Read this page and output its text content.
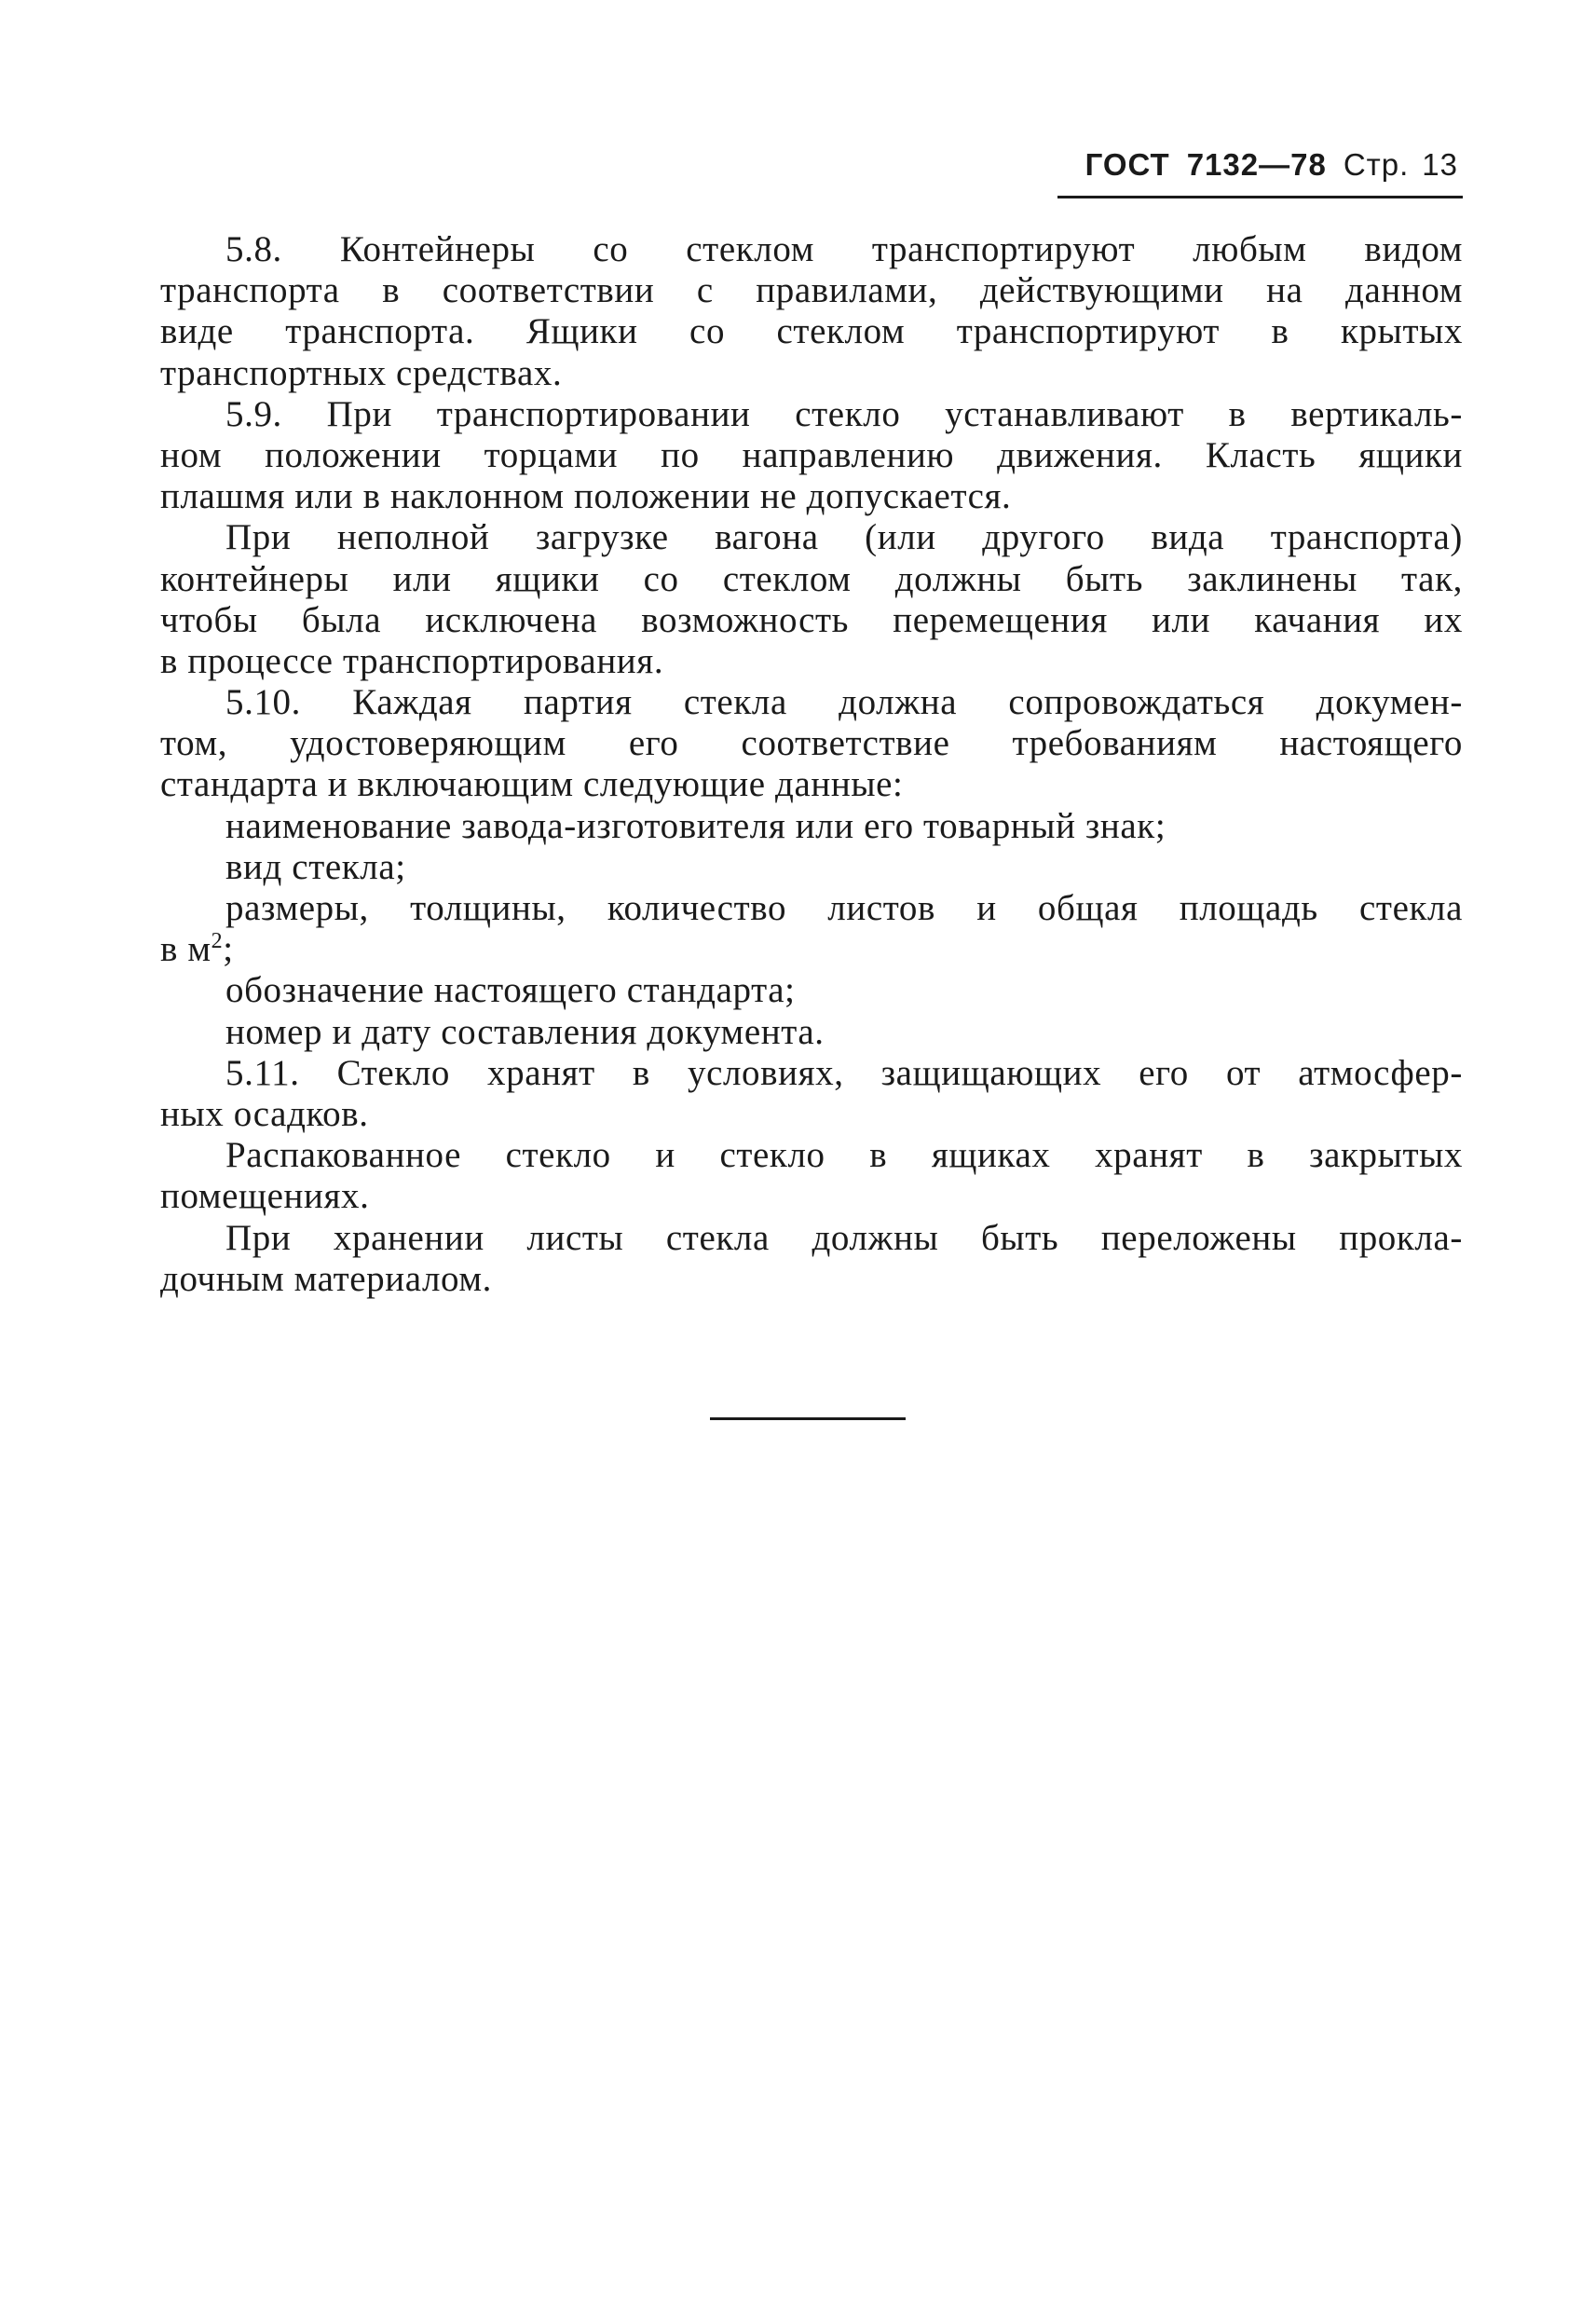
ГОСТ 7132—78 Стр. 13
5.8. Контейнеры со стеклом транспортируют любым видом
транспорта в соответствии с правилами, действующими на данном
виде транспорта. Ящики со стеклом транспортируют в крытых
транспортных средствах.
5.9. При транспортировании стекло устанавливают в вертикаль-
ном положении торцами по направлению движения. Класть ящики
плашмя или в наклонном положении не допускается.
При неполной загрузке вагона (или другого вида транспорта)
контейнеры или ящики со стеклом должны быть заклинены так,
чтобы была исключена возможность перемещения или качания их
в процессе транспортирования.
5.10. Каждая партия стекла должна сопровождаться докумен-
том, удостоверяющим его соответствие требованиям настоящего
стандарта и включающим следующие данные:
наименование завода-изготовителя или его товарный знак;
вид стекла;
размеры, толщины, количество листов и общая площадь стекла
в $м^2$;
обозначение настоящего стандарта;
номер и дату составления документа.
5.11. Стекло хранят в условиях, защищающих его от атмосфер-
ных осадков.
Распакованное стекло и стекло в ящиках хранят в закрытых
помещениях.
При хранении листы стекла должны быть переложены прокла-
дочным материалом.
